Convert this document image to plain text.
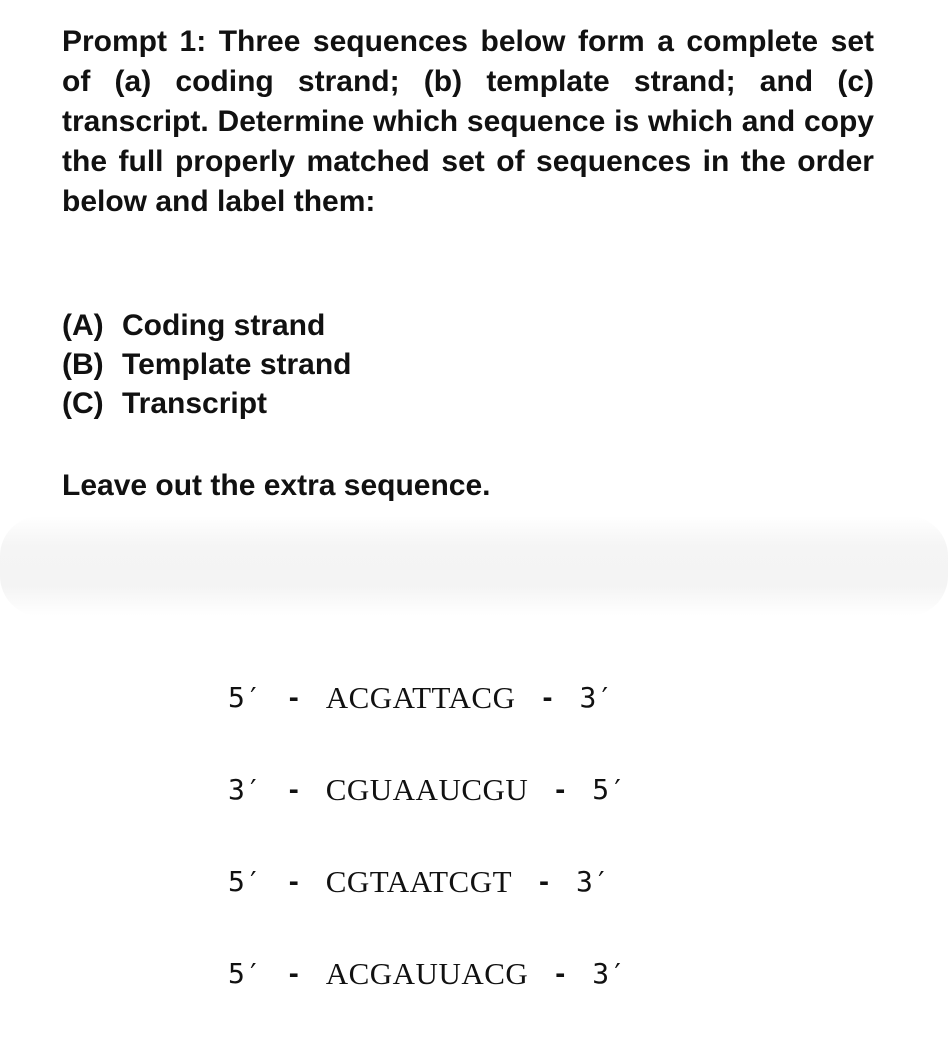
Prompt 1: Three sequences below form a complete set of (a) coding strand; (b) template strand; and (c) transcript. Determine which sequence is which and copy the full properly matched set of sequences in the order below and label them:

(A) Coding strand
(B) Template strand
(C) Transcript

Leave out the extra sequence.

5′ - ACGATTACG - 3′
3′ - CGUAAUCGU - 5′
5′ - CGTAATCGT - 3′
5′ - ACGAUUACG - 3′
